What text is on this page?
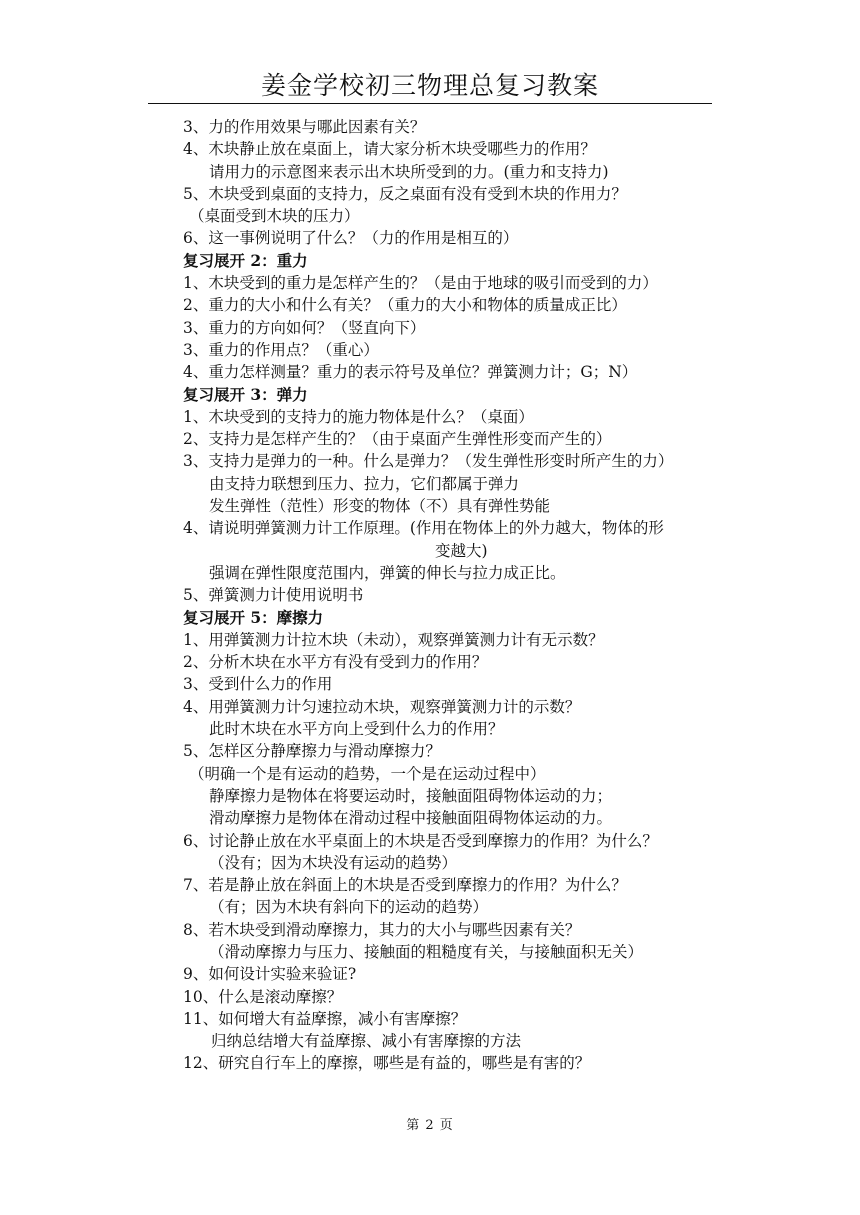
姜金学校初三物理总复习教案
3、力的作用效果与哪此因素有关？
4、木块静止放在桌面上，请大家分析木块受哪些力的作用？
请用力的示意图来表示出木块所受到的力。(重力和支持力)
5、木块受到桌面的支持力，反之桌面有没有受到木块的作用力？
（桌面受到木块的压力）
6、这一事例说明了什么？（力的作用是相互的）
复习展开 2：重力
1、木块受到的重力是怎样产生的？（是由于地球的吸引而受到的力）
2、重力的大小和什么有关？（重力的大小和物体的质量成正比）
3、重力的方向如何？（竖直向下）
3、重力的作用点？（重心）
4、重力怎样测量？重力的表示符号及单位？弹簧测力计；G；N）
复习展开 3：弹力
1、木块受到的支持力的施力物体是什么？（桌面）
2、支持力是怎样产生的？（由于桌面产生弹性形变而产生的）
3、支持力是弹力的一种。什么是弹力？（发生弹性形变时所产生的力）
由支持力联想到压力、拉力，它们都属于弹力
发生弹性（范性）形变的物体（不）具有弹性势能
4、请说明弹簧测力计工作原理。(作用在物体上的外力越大，物体的形
变越大)
强调在弹性限度范围内，弹簧的伸长与拉力成正比。
5、弹簧测力计使用说明书
复习展开 5：摩擦力
1、用弹簧测力计拉木块（未动），观察弹簧测力计有无示数？
2、分析木块在水平方有没有受到力的作用？
3、受到什么力的作用
4、用弹簧测力计匀速拉动木块，观察弹簧测力计的示数？
此时木块在水平方向上受到什么力的作用？
5、怎样区分静摩擦力与滑动摩擦力？
（明确一个是有运动的趋势，一个是在运动过程中）
静摩擦力是物体在将要运动时，接触面阻碍物体运动的力；
滑动摩擦力是物体在滑动过程中接触面阻碍物体运动的力。
6、讨论静止放在水平桌面上的木块是否受到摩擦力的作用？为什么？
（没有；因为木块没有运动的趋势）
7、若是静止放在斜面上的木块是否受到摩擦力的作用？为什么？
（有；因为木块有斜向下的运动的趋势）
8、若木块受到滑动摩擦力，其力的大小与哪些因素有关？
（滑动摩擦力与压力、接触面的粗糙度有关，与接触面积无关）
9、如何设计实验来验证?
10、什么是滚动摩擦？
11、如何增大有益摩擦，减小有害摩擦？
归纳总结增大有益摩擦、减小有害摩擦的方法
12、研究自行车上的摩擦，哪些是有益的，哪些是有害的？
第 2 页
